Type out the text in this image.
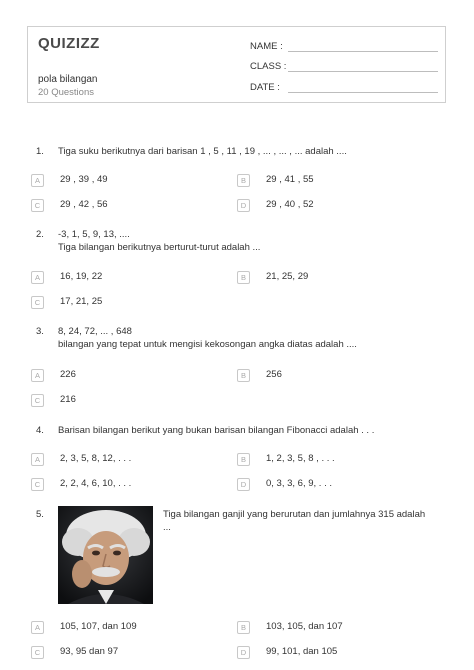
QUIZIZZ
pola bilangan
20 Questions
NAME :
CLASS :
DATE :
1. Tiga suku berikutnya dari barisan 1 , 5 , 11 , 19 , ... , ... , ... adalah ....
A	29 , 39 , 49	B	29 , 41 , 55
C	29 , 42 , 56	D	29 , 40 , 52
2. -3, 1, 5, 9, 13, ....
Tiga bilangan berikutnya berturut-turut adalah ...
A	16, 19, 22	B	21, 25, 29
C	17, 21, 25
3. 8, 24, 72, ... , 648
bilangan yang tepat untuk mengisi kekosongan angka diatas adalah ....
A	226	B	256
C	216
4. Barisan bilangan berikut yang bukan barisan bilangan Fibonacci adalah . . .
A	2, 3, 5, 8, 12, . . .	B	1, 2, 3, 5, 8 , . . .
C	2, 2, 4, 6, 10, . . .	D	0, 3, 3, 6, 9, . . .
5.	Tiga bilangan ganjil yang berurutan dan jumlahnya 315 adalah
...
A	105, 107, dan 109	B	103, 105, dan 107
C	93, 95 dan 97	D	99, 101, dan 105
